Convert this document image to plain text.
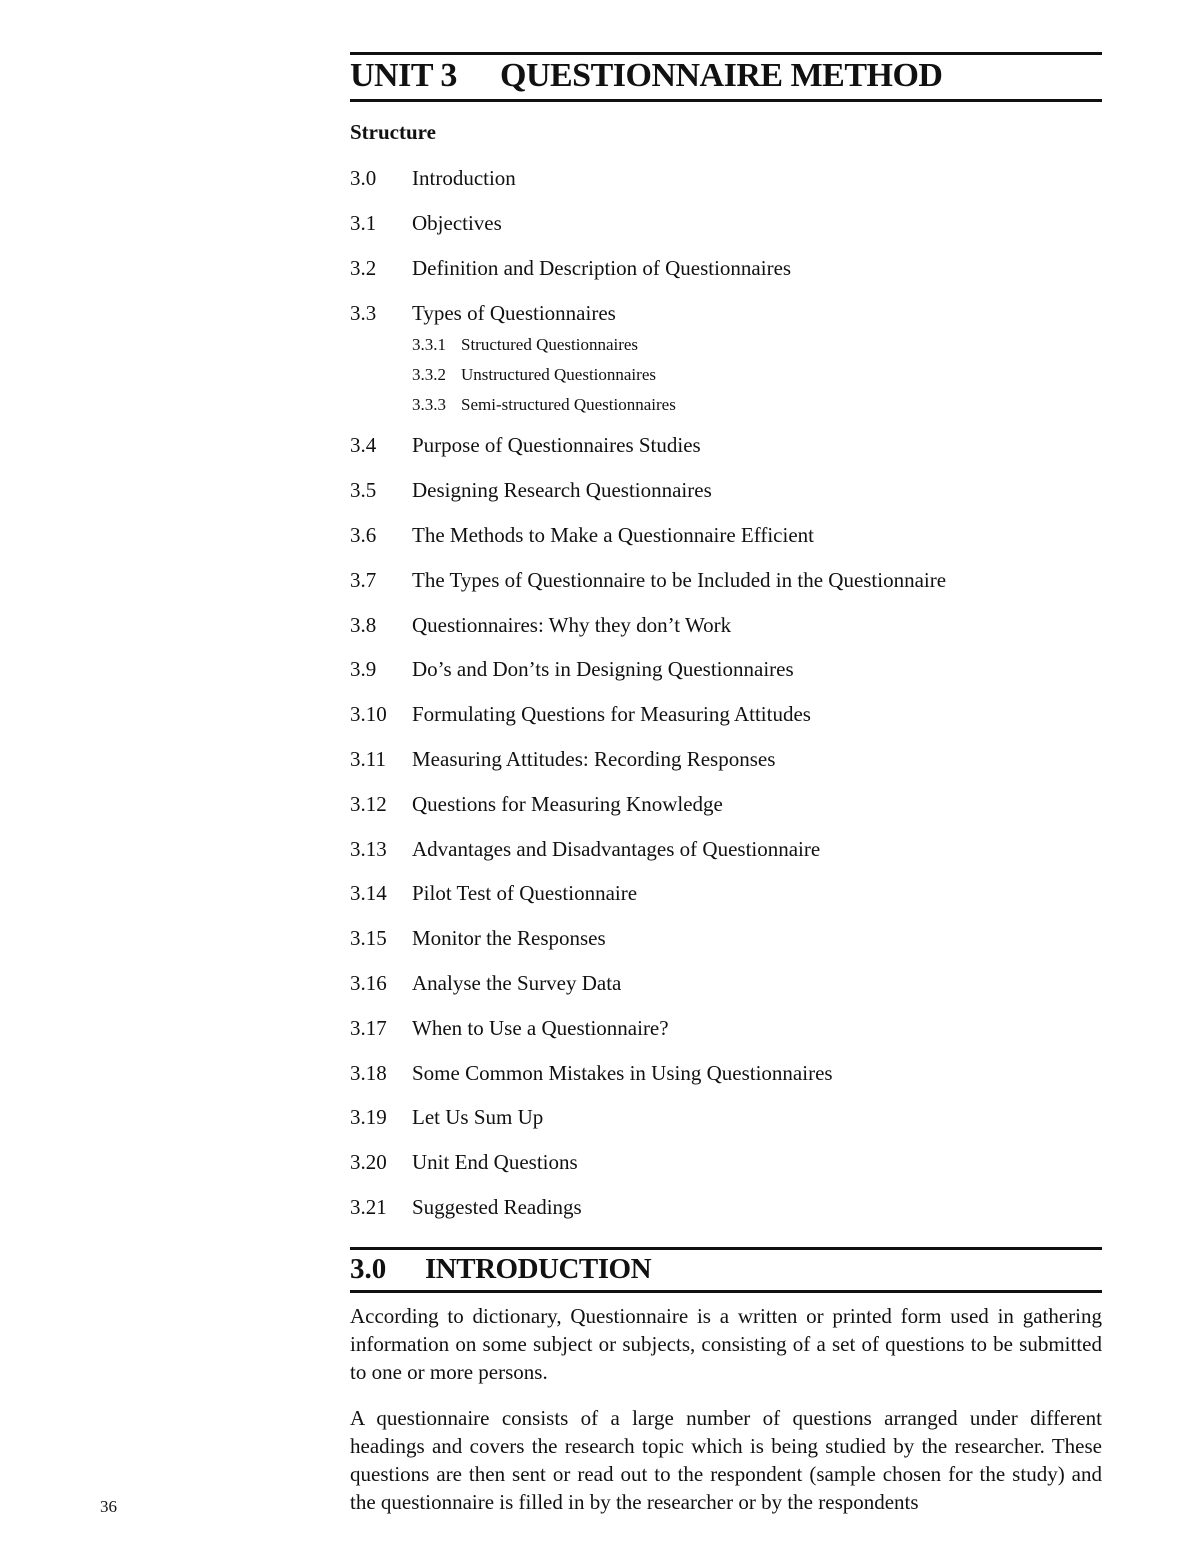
UNIT 3 QUESTIONNAIRE METHOD
Structure
3.0 Introduction
3.1 Objectives
3.2 Definition and Description of Questionnaires
3.3 Types of Questionnaires
3.3.1 Structured Questionnaires
3.3.2 Unstructured Questionnaires
3.3.3 Semi-structured Questionnaires
3.4 Purpose of Questionnaires Studies
3.5 Designing Research Questionnaires
3.6 The Methods to Make a Questionnaire Efficient
3.7 The Types of Questionnaire to be Included in the Questionnaire
3.8 Questionnaires: Why they don’t Work
3.9 Do’s and Don’ts in Designing Questionnaires
3.10 Formulating Questions for Measuring Attitudes
3.11 Measuring Attitudes: Recording Responses
3.12 Questions for Measuring Knowledge
3.13 Advantages and Disadvantages of Questionnaire
3.14 Pilot Test of Questionnaire
3.15 Monitor the Responses
3.16 Analyse the Survey Data
3.17 When to Use a Questionnaire?
3.18 Some Common Mistakes in Using Questionnaires
3.19 Let Us Sum Up
3.20 Unit End Questions
3.21 Suggested Readings
3.0 INTRODUCTION

According to dictionary, Questionnaire is a written or printed form used in gathering information on some subject or subjects, consisting of a set of questions to be submitted to one or more persons.

A questionnaire consists of a large number of questions arranged under different headings and covers the research topic which is being studied by the researcher. These questions are then sent or read out to the respondent (sample chosen for the study) and the questionnaire is filled in by the researcher or by the respondents

36
